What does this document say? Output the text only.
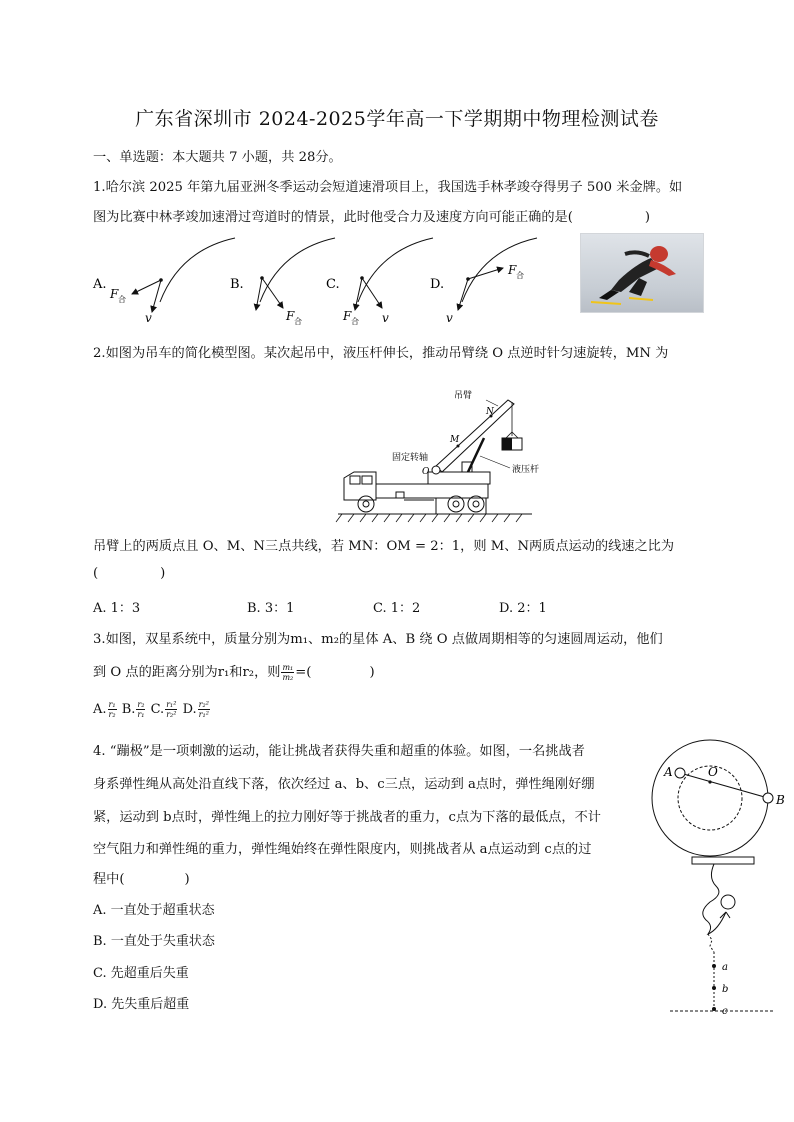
广东省深圳市 2024-2025学年高一下学期期中物理检测试卷
一、单选题：本大题共 7 小题，共 28分。
1.哈尔滨 2025 年第九届亚洲冬季运动会短道速滑项目上，我国选手林孝竣夺得男子 500 米金牌。如
图为比赛中林孝竣加速滑过弯道时的情景，此时他受合力及速度方向可能正确的是(	)
A.
F 合
v
B.
F 合
C.
F 合 v
D.
F 合
v
2.如图为吊车的简化模型图。某次起吊中，液压杆伸长，推动吊臂绕 O 点逆时针匀速旋转，MN 为
吊臂
N
M
固定转轴
O	液压杆
吊臂上的两质点且 O、M、N三点共线，若 MN：OM = 2：1，则 M、N两质点运动的线速之比为
(	)
A. 1：3	B. 3：1	C. 1：2	D. 2：1
3.如图，双星系统中，质量分别为m₁、m₂的星体 A、B 绕 O 点做周期相等的匀速圆周运动，他们
到 O 点的距离分别为r₁和r₂，则 $\frac{\text{m₁}}{\text{m₂}}$ =(	)
A. $\frac{\text{r₁}}{\text{r₂}} B$. $\frac{\text{r₂}}{\text{r₁}} C$. $\frac{\text{r₁²}}{\text{r₂²}} D$. $\frac{\text{r₂²}}{\text{r₁²}}$
A	O
B
4. “蹦极”是一项刺激的运动，能让挑战者获得失重和超重的体验。如图，一名挑战者
身系弹性绳从高处沿直线下落，依次经过 a、b、c三点，运动到 a点时，弹性绳刚好绷
紧，运动到 b点时，弹性绳上的拉力刚好等于挑战者的重力，c点为下落的最低点，不计
空气阻力和弹性绳的重力，弹性绳始终在弹性限度内，则挑战者从 a点运动到 c点的过
程中(	)
A. 一直处于超重状态
B. 一直处于失重状态
C. 先超重后失重
D. 先失重后超重
a
b
c
